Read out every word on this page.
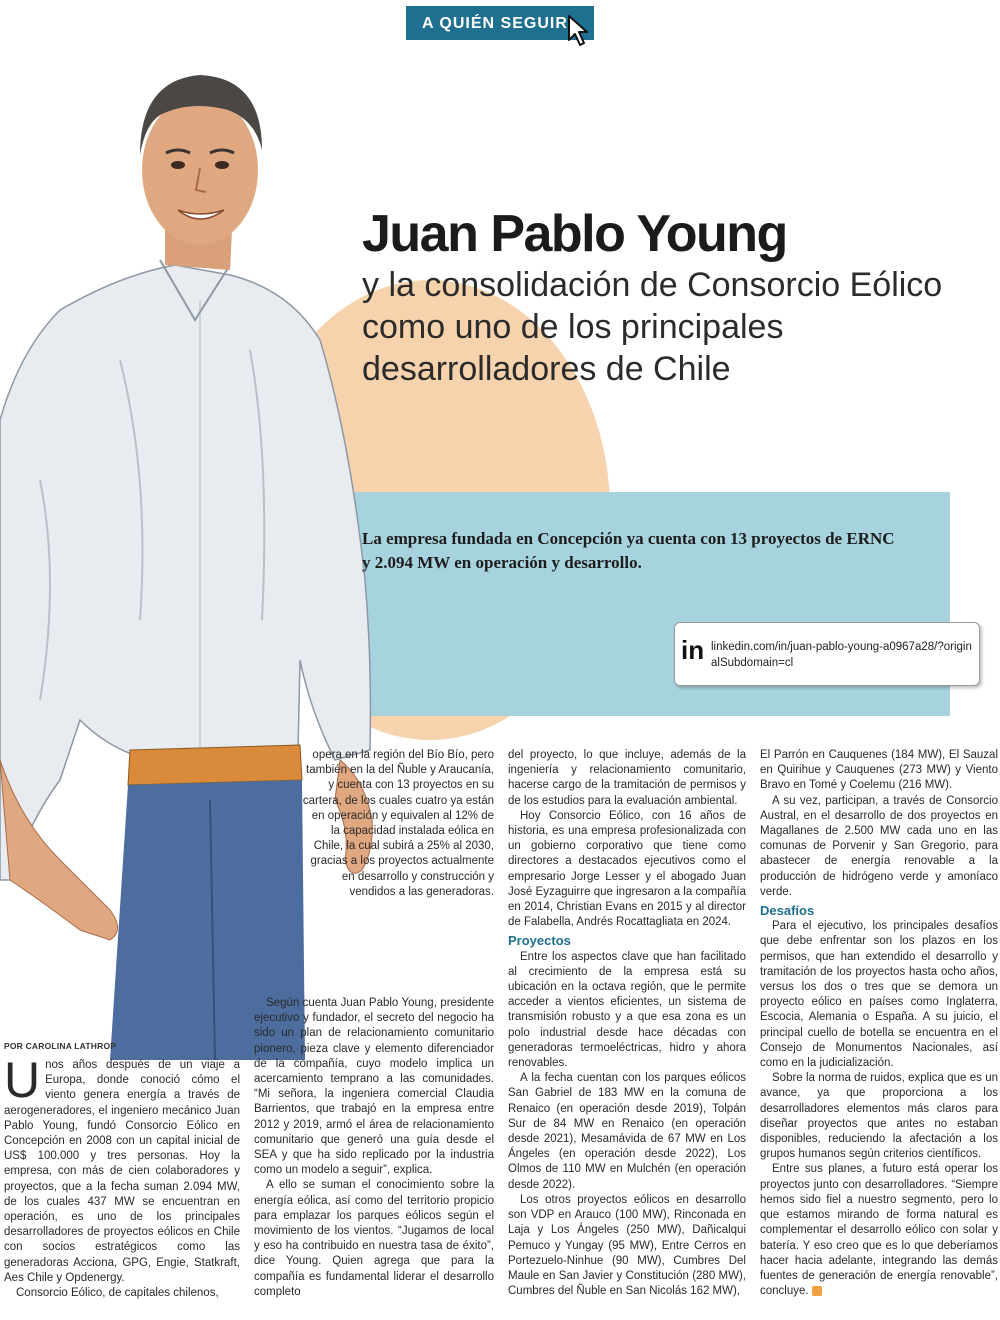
A QUIÉN SEGUIR
Juan Pablo Young
y la consolidación de Consorcio Eólico como uno de los principales desarrolladores de Chile
La empresa fundada en Concepción ya cuenta con 13 proyectos de ERNC y 2.094 MW en operación y desarrollo.
in linkedin.com/in/juan-pablo-young-a0967a28/?originalSubdomain=cl
POR CAROLINA LATHROP

Unos años después de un viaje a Europa, donde conoció cómo el viento genera energía a través de aerogeneradores, el ingeniero mecánico Juan Pablo Young, fundó Consorcio Eólico en Concepción en 2008 con un capital inicial de US$ 100.000 y tres personas. Hoy la empresa, con más de cien colaboradores y proyectos, que a la fecha suman 2.094 MW, de los cuales 437 MW se encuentran en operación, es uno de los principales desarrolladores de proyectos eólicos en Chile con socios estratégicos como las generadoras Acciona, GPG, Engie, Statkraft, Aes Chile y Opdenergy.

Consorcio Eólico, de capitales chilenos,

opera en la región del Bío Bío, pero también en la del Ñuble y Araucanía, y cuenta con 13 proyectos en su cartera, de los cuales cuatro ya están en operación y equivalen al 12% de la capacidad instalada eólica en Chile, la cual subirá a 25% al 2030, gracias a los proyectos actualmente en desarrollo y construcción y vendidos a las generadoras.

Según cuenta Juan Pablo Young, presidente ejecutivo y fundador, el secreto del negocio ha sido un plan de relacionamiento comunitario pionero, pieza clave y elemento diferenciador de la compañía, cuyo modelo implica un acercamiento temprano a las comunidades. “Mi señora, la ingeniera comercial Claudia Barrientos, que trabajó en la empresa entre 2012 y 2019, armó el área de relacionamiento comunitario que generó una guía desde el SEA y que ha sido replicado por la industria como un modelo a seguir”, explica.

A ello se suman el conocimiento sobre la energía eólica, así como del territorio propicio para emplazar los parques eólicos según el movimiento de los vientos. “Jugamos de local y eso ha contribuido en nuestra tasa de éxito”, dice Young. Quien agrega que para la compañía es fundamental liderar el desarrollo completo

del proyecto, lo que incluye, además de la ingeniería y relacionamiento comunitario, hacerse cargo de la tramitación de permisos y de los estudios para la evaluación ambiental.

Hoy Consorcio Eólico, con 16 años de historia, es una empresa profesionalizada con un gobierno corporativo que tiene como directores a destacados ejecutivos como el empresario Jorge Lesser y el abogado Juan José Eyzaguirre que ingresaron a la compañía en 2014, Christian Evans en 2015 y al director de Falabella, Andrés Rocattagliata en 2024.

Proyectos

Entre los aspectos clave que han facilitado al crecimiento de la empresa está su ubicación en la octava región, que le permite acceder a vientos eficientes, un sistema de transmisión robusto y a que esa zona es un polo industrial desde hace décadas con generadoras termoeléctricas, hidro y ahora renovables.

A la fecha cuentan con los parques eólicos San Gabriel de 183 MW en la comuna de Renaico (en operación desde 2019), Tolpán Sur de 84 MW en Renaico (en operación desde 2021), Mesamávida de 67 MW en Los Ángeles (en operación desde 2022), Los Olmos de 110 MW en Mulchén (en operación desde 2022).

Los otros proyectos eólicos en desarrollo son VDP en Arauco (100 MW), Rinconada en Laja y Los Ángeles (250 MW), Dañicalqui Pemuco y Yungay (95 MW), Entre Cerros en Portezuelo-Ninhue (90 MW), Cumbres Del Maule en San Javier y Constitución (280 MW), Cumbres del Ñuble en San Nicolás 162 MW),

El Parrón en Cauquenes (184 MW), El Sauzal en Quirihue y Cauquenes (273 MW) y Viento Bravo en Tomé y Coelemu (216 MW).

A su vez, participan, a través de Consorcio Austral, en el desarrollo de dos proyectos en Magallanes de 2.500 MW cada uno en las comunas de Porvenir y San Gregorio, para abastecer de energía renovable a la producción de hidrógeno verde y amoníaco verde.

Desafíos

Para el ejecutivo, los principales desafíos que debe enfrentar son los plazos en los permisos, que han extendido el desarrollo y tramitación de los proyectos hasta ocho años, versus los dos o tres que se demora un proyecto eólico en países como Inglaterra, Escocia, Alemania o España. A su juicio, el principal cuello de botella se encuentra en el Consejo de Monumentos Nacionales, así como en la judicialización.

Sobre la norma de ruidos, explica que es un avance, ya que proporciona a los desarrolladores elementos más claros para diseñar proyectos que antes no estaban disponibles, reduciendo la afectación a los grupos humanos según criterios científicos.

Entre sus planes, a futuro está operar los proyectos junto con desarrolladores. “Siempre hemos sido fiel a nuestro segmento, pero lo que estamos mirando de forma natural es complementar el desarrollo eólico con solar y batería. Y eso creo que es lo que deberíamos hacer hacia adelante, integrando las demás fuentes de generación de energía renovable”, concluye.
